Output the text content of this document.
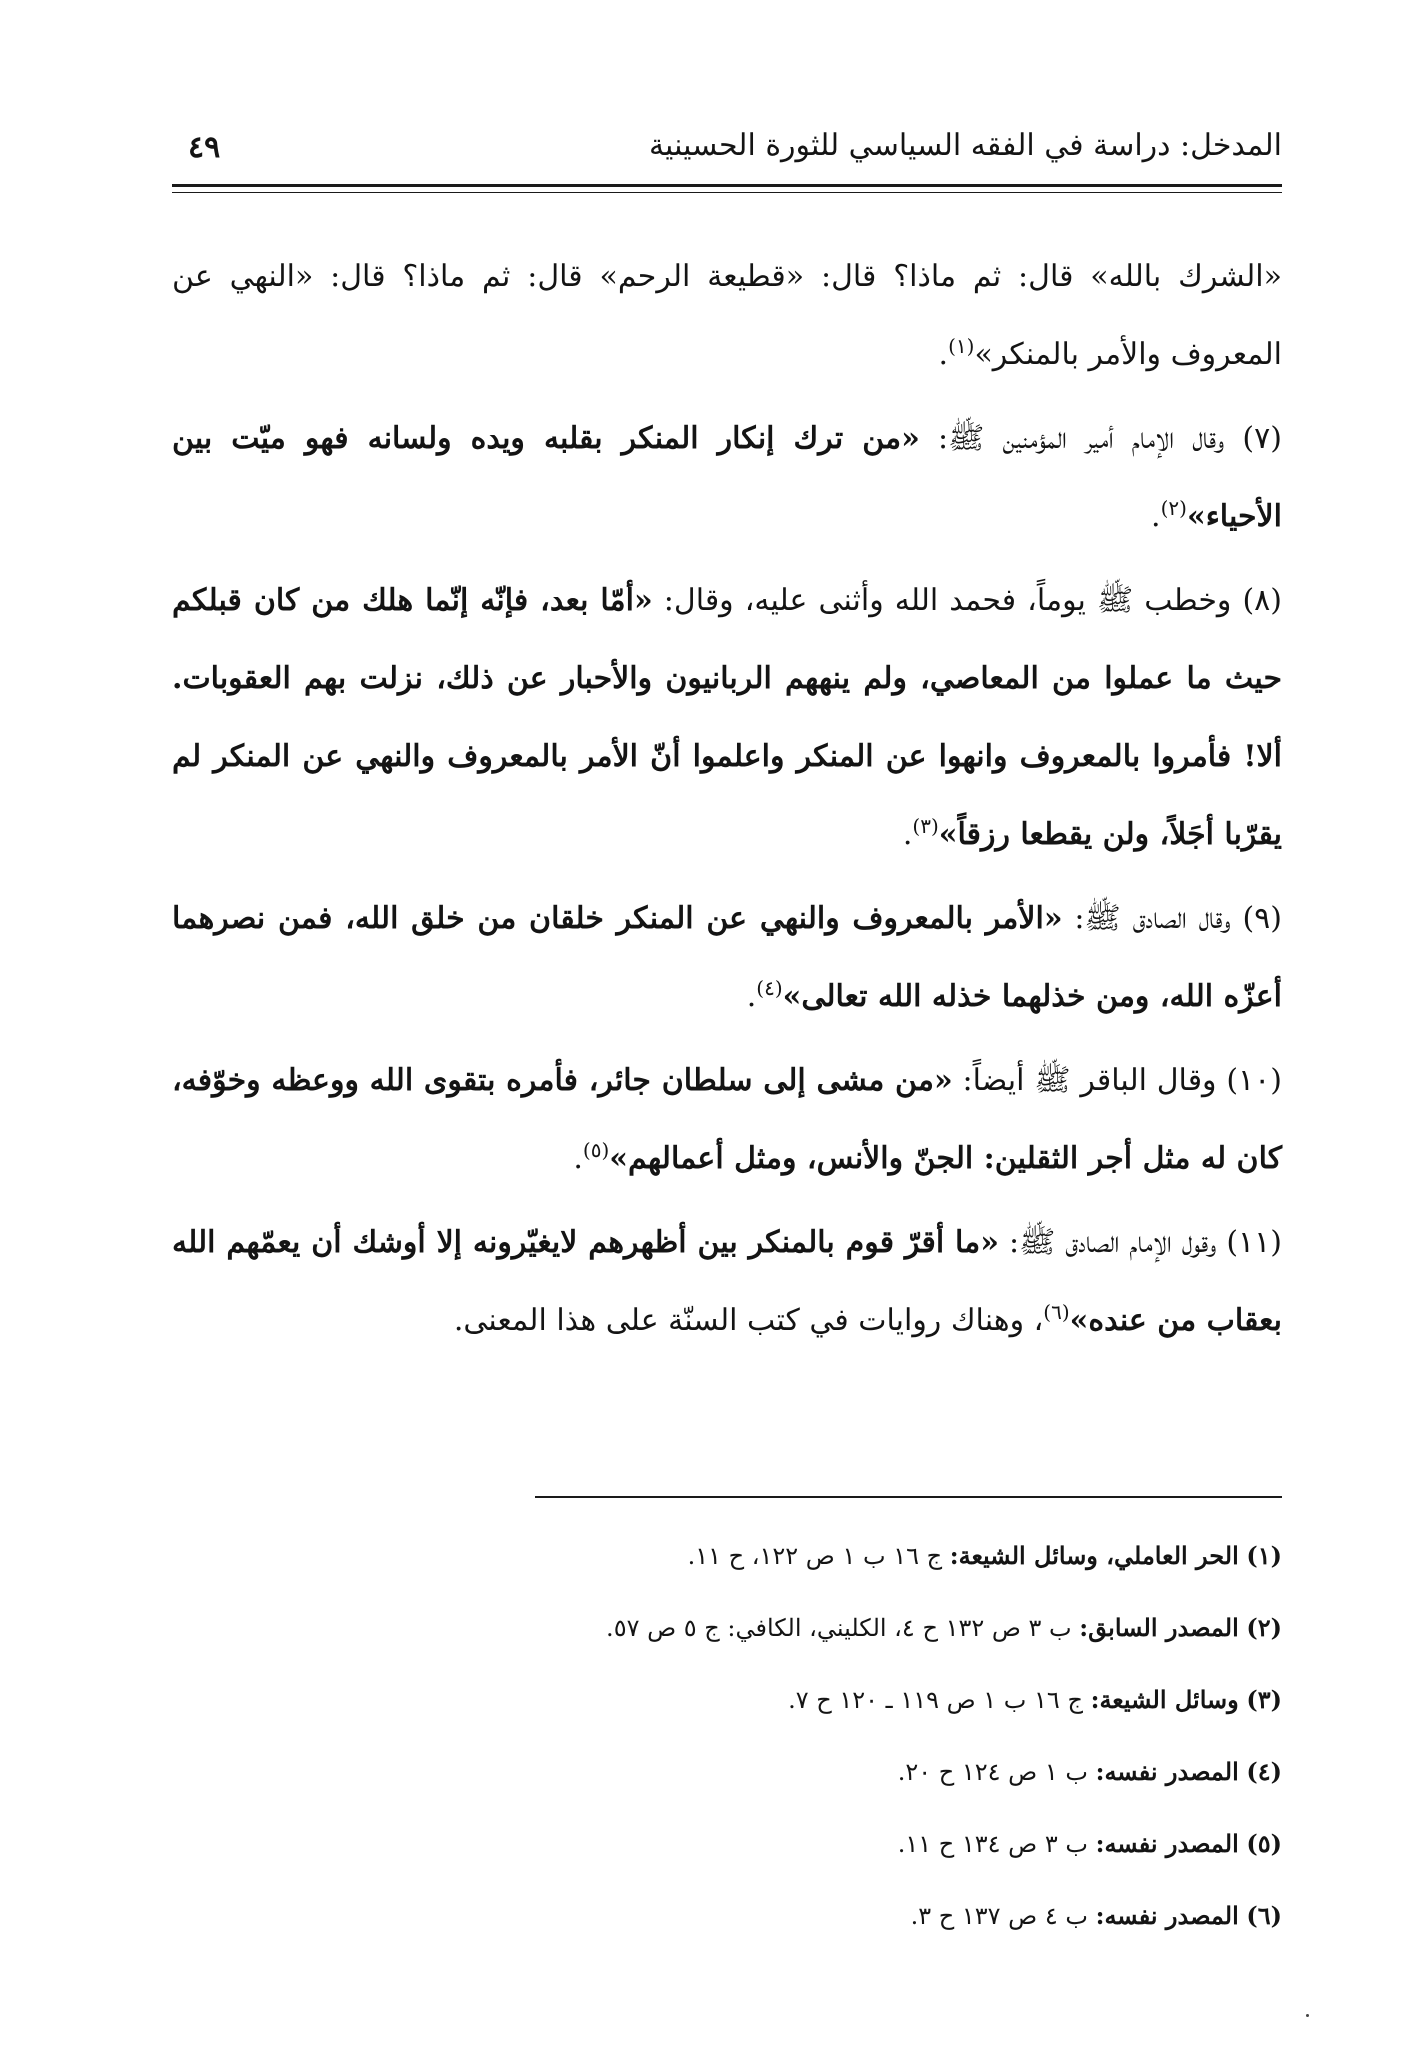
المدخل: دراسة في الفقه السياسي للثورة الحسينية
٤٩

«الشرك بالله» قال: ثم ماذا؟ قال: «قطيعة الرحم» قال: ثم ماذا؟ قال: «النهي عن المعروف والأمر بالمنكر»$^{(١)}$.

(٧) وقال الإمام أمير المؤمنين ﷺ: «من ترك إنكار المنكر بقلبه ويده ولسانه فهو ميّت بين الأحياء»$^{(٢)}$.

(٨) وخطب ﷺ يوماً، فحمد الله وأثنى عليه، وقال: «أمّا بعد، فإنّه إنّما هلك من كان قبلكم حيث ما عملوا من المعاصي، ولم ينههم الربانيون والأحبار عن ذلك، نزلت بهم العقوبات. ألا! فأمروا بالمعروف وانهوا عن المنكر واعلموا أنّ الأمر بالمعروف والنهي عن المنكر لم يقرّبا أجَلاً، ولن يقطعا رزقاً»$^{(٣)}$.

(٩) وقال الصادق ﷺ: «الأمر بالمعروف والنهي عن المنكر خلقان من خلق الله، فمن نصرهما أعزّه الله، ومن خذلهما خذله الله تعالى»$^{(٤)}$.

(١٠) وقال الباقر ﷺ أيضاً: «من مشى إلى سلطان جائر، فأمره بتقوى الله ووعظه وخوّفه، كان له مثل أجر الثقلين: الجنّ والأنس، ومثل أعمالهم»$^{(٥)}$.

(١١) وقول الإمام الصادق ﷺ: «ما أقرّ قوم بالمنكر بين أظهرهم لايغيّرونه إلا أوشك أن يعمّهم الله بعقاب من عنده»$^{(٦)}$، وهناك روايات في كتب السنّة على هذا المعنى.

(١) الحر العاملي، وسائل الشيعة: ج ١٦ ب ١ ص ١٢٢، ح ١١.

(٢) المصدر السابق: ب ٣ ص ١٣٢ ح ٤، الكليني، الكافي: ج ٥ ص ٥٧.

(٣) وسائل الشيعة: ج ١٦ ب ١ ص ١١٩ ـ ١٢٠ ح ٧.

(٤) المصدر نفسه: ب ١ ص ١٢٤ ح ٢٠.

(٥) المصدر نفسه: ب ٣ ص ١٣٤ ح ١١.

(٦) المصدر نفسه: ب ٤ ص ١٣٧ ح ٣.
